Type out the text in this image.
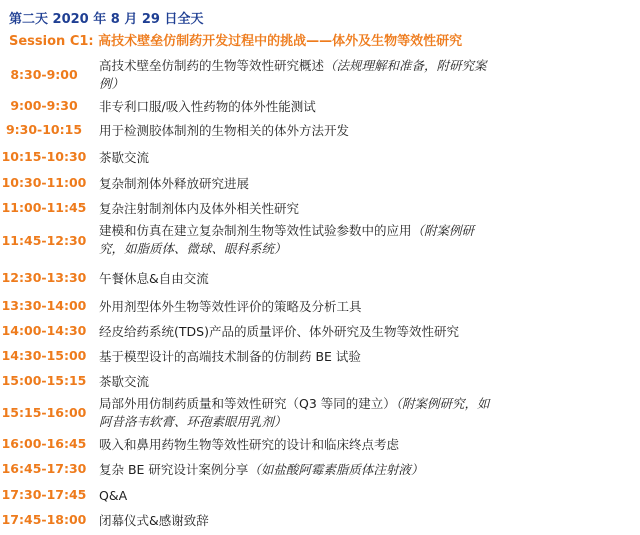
第二天 2020 年 8 月 29 日全天
Session C1: 高技术壁垒仿制药开发过程中的挑战——体外及生物等效性研究
8:30-9:00
高技术壁垒仿制药的生物等效性研究概述（法规理解和准备，附研究案例）
9:00-9:30	非专利口服/吸入性药物的体外性能测试
9:30-10:15	用于检测胶体制剂的生物相关的体外方法开发
10:15-10:30 茶歇交流
10:30-11:00 复杂制剂体外释放研究进展
11:00-11:45 复杂注射制剂体内及体外相关性研究
11:45-12:30
建模和仿真在建立复杂制剂生物等效性试验参数中的应用（附案例研究，如脂质体、微球、眼科系统）
12:30-13:30 午餐休息&自由交流
13:30-14:00 外用剂型体外生物等效性评价的策略及分析工具
14:00-14:30 经皮给药系统(TDS)产品的质量评价、体外研究及生物等效性研究
14:30-15:00 基于模型设计的高端技术制备的仿制药 BE 试验
15:00-15:15 茶歇交流
15:15-16:00
局部外用仿制药质量和等效性研究（Q3 等同的建立）（附案例研究，如阿昔洛韦软膏、环孢素眼用乳剂）
16:00-16:45 吸入和鼻用药物生物等效性研究的设计和临床终点考虑
16:45-17:30 复杂 BE 研究设计案例分享（如盐酸阿霉素脂质体注射液）
17:30-17:45 Q&A
17:45-18:00 闭幕仪式&感谢致辞
